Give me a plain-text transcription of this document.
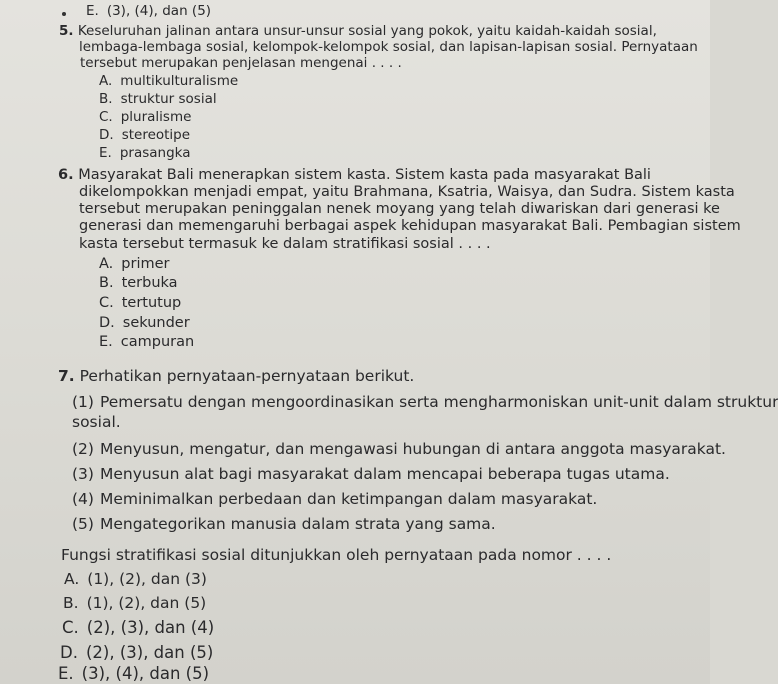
E. (3), (4), dan (5)
5. Keseluruhan jalinan antara unsur-unsur sosial yang pokok, yaitu kaidah-kaidah sosial,
lembaga-lembaga sosial, kelompok-kelompok sosial, dan lapisan-lapisan sosial. Pernyataan
tersebut merupakan penjelasan mengenai . . . .
A. multikulturalisme
B. struktur sosial
C. pluralisme
D. stereotipe
E. prasangka
6. Masyarakat Bali menerapkan sistem kasta. Sistem kasta pada masyarakat Bali
dikelompokkan menjadi empat, yaitu Brahmana, Ksatria, Waisya, dan Sudra. Sistem kasta
tersebut merupakan peninggalan nenek moyang yang telah diwariskan dari generasi ke
generasi dan memengaruhi berbagai aspek kehidupan masyarakat Bali. Pembagian sistem
kasta tersebut termasuk ke dalam stratifikasi sosial . . . .
A. primer
B. terbuka
C. tertutup
D. sekunder
E. campuran
7. Perhatikan pernyataan-pernyataan berikut.
(1) Pemersatu dengan mengoordinasikan serta mengharmoniskan unit-unit dalam struktur
sosial.
(2) Menyusun, mengatur, dan mengawasi hubungan di antara anggota masyarakat.
(3) Menyusun alat bagi masyarakat dalam mencapai beberapa tugas utama.
(4) Meminimalkan perbedaan dan ketimpangan dalam masyarakat.
(5) Mengategorikan manusia dalam strata yang sama.
Fungsi stratifikasi sosial ditunjukkan oleh pernyataan pada nomor . . . .
A. (1), (2), dan (3)
B. (1), (2), dan (5)
C. (2), (3), dan (4)
D. (2), (3), dan (5)
E. (3), (4), dan (5)
